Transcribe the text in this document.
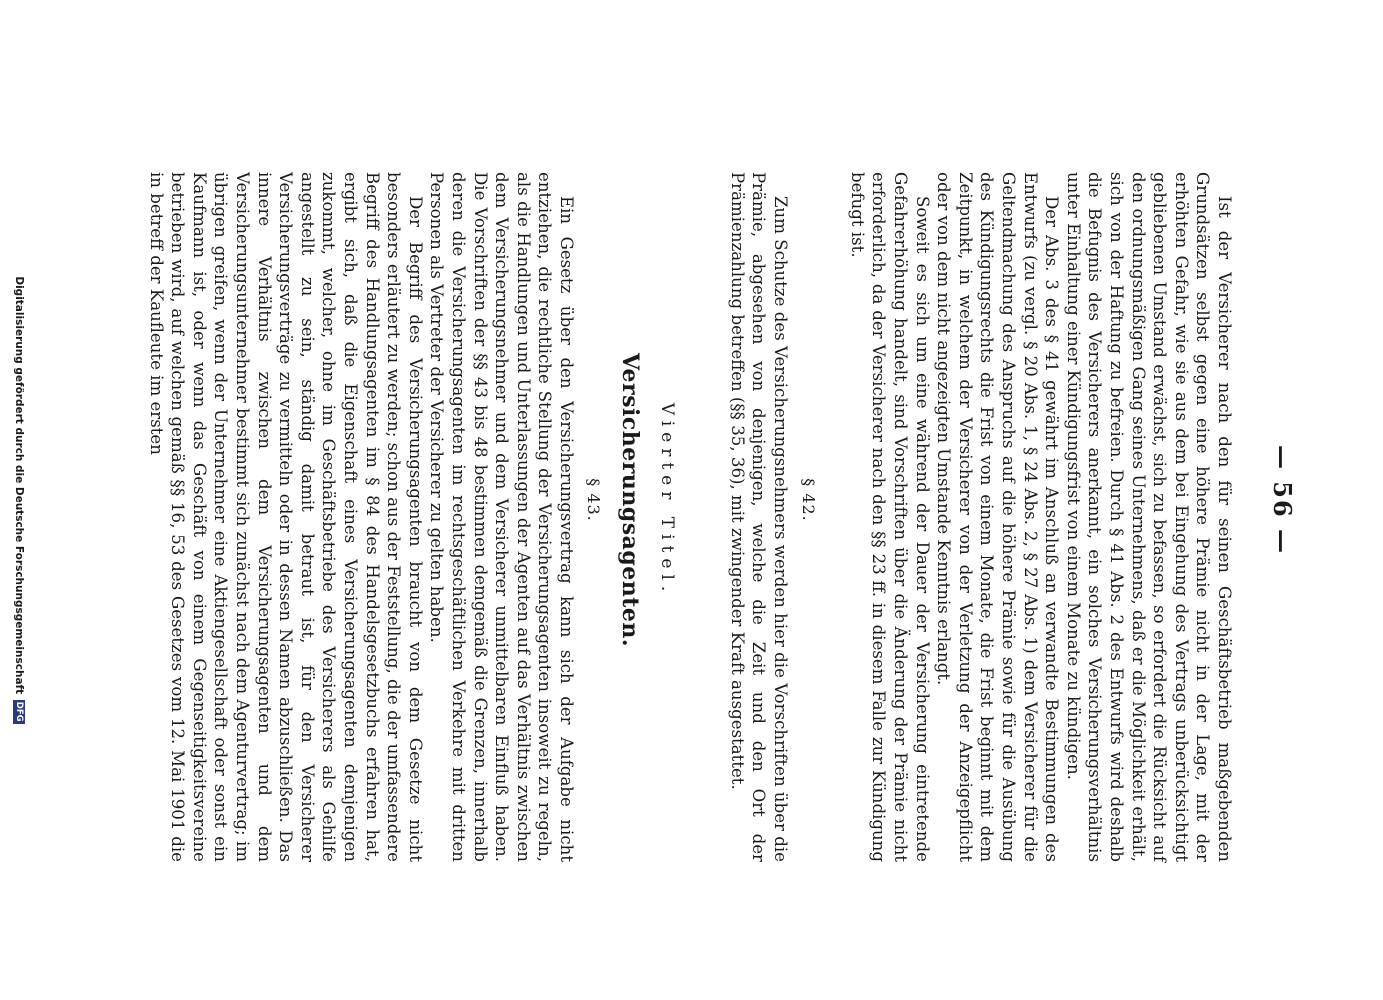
— 56 —

Ist der Versicherer nach den für seinen Geschäftsbetrieb maßgebenden Grundsätzen selbst gegen eine höhere Prämie nicht in der Lage, mit der erhöhten Gefahr, wie sie aus dem bei Eingehung des Vertrags unberücksichtigt gebliebenen Umstand erwächst, sich zu befassen, so erfordert die Rücksicht auf den ordnungsmäßigen Gang seines Unternehmens, daß er die Möglichkeit erhält, sich von der Haftung zu befreien. Durch § 41 Abs. 2 des Entwurfs wird deshalb die Befugnis des Versicherers anerkannt, ein solches Versicherungsverhältnis unter Einhaltung einer Kündigungsfrist von einem Monate zu kündigen.

Der Abs. 3 des § 41 gewährt im Anschluß an verwandte Bestimmungen des Entwurfs (zu vergl. § 20 Abs. 1, § 24 Abs. 2, § 27 Abs. 1) dem Versicherer für die Geltendmachung des Anspruchs auf die höhere Prämie sowie für die Ausübung des Kündigungsrechts die Frist von einem Monate, die Frist beginnt mit dem Zeitpunkt, in welchem der Versicherer von der Verletzung der Anzeigepflicht oder von dem nicht angezeigten Umstande Kenntnis erlangt.

Soweit es sich um eine während der Dauer der Versicherung eintretende Gefahrerhöhung handelt, sind Vorschriften über die Änderung der Prämie nicht erforderlich, da der Versicherer nach den §§ 23 ff. in diesem Falle zur Kündigung befugt ist.

§ 42.

Zum Schutze des Versicherungsnehmers werden hier die Vorschriften über die Prämie, abgesehen von denjenigen, welche die Zeit und den Ort der Prämienzahlung betreffen (§§ 35, 36), mit zwingender Kraft ausgestattet.

Vierter Titel.
Versicherungsagenten.
§ 43.

Ein Gesetz über den Versicherungsvertrag kann sich der Aufgabe nicht entziehen, die rechtliche Stellung der Versicherungsagenten insoweit zu regeln, als die Handlungen und Unterlassungen der Agenten auf das Verhältnis zwischen dem Versicherungsnehmer und dem Versicherer unmittelbaren Einfluß haben. Die Vorschriften der §§ 43 bis 48 bestimmen demgemäß die Grenzen, innerhalb deren die Versicherungsagenten im rechtsgeschäftlichen Verkehre mit dritten Personen als Vertreter der Versicherer zu gelten haben.

Der Begriff des Versicherungsagenten braucht von dem Gesetze nicht besonders erläutert zu werden; schon aus der Feststellung, die der umfassendere Begriff des Handlungsagenten im § 84 des Handelsgesetzbuchs erfahren hat, ergibt sich, daß die Eigenschaft eines Versicherungsagenten demjenigen zukommt, welcher, ohne im Geschäftsbetriebe des Versicherers als Gehilfe angestellt zu sein, ständig damit betraut ist, für den Versicherer Versicherungsverträge zu vermitteln oder in dessen Namen abzuschließen. Das innere Verhältnis zwischen dem Versicherungsagenten und dem Versicherungsunternehmer bestimmt sich zunächst nach dem Agenturvertrag; im übrigen greifen, wenn der Unternehmer eine Aktiengesellschaft oder sonst ein Kaufmann ist, oder wenn das Geschäft von einem Gegenseitigkeitsvereine betrieben wird, auf welchen gemäß §§ 16, 53 des Gesetzes vom 12. Mai 1901 die in betreff der Kaufleute im ersten

Digitalisierung gefördert durch die Deutsche Forschungsgemeinschaft DFG
